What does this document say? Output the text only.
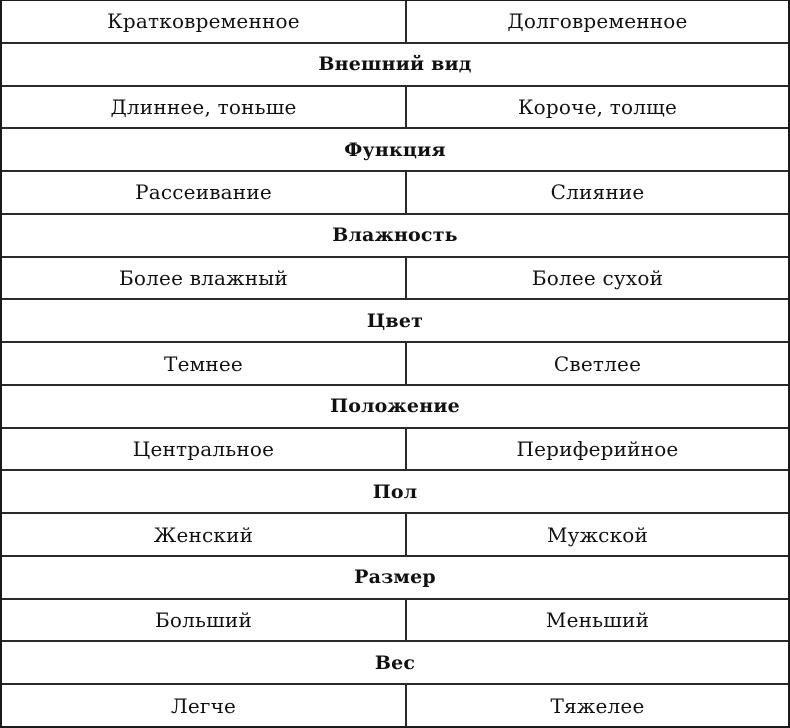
Кратковременное	Долговременное
Внешний вид
Длиннее, тоньше	Короче, толще
Функция
Рассеивание	Слияние
Влажность
Более влажный	Более сухой
Цвет
Темнее	Светлее
Положение
Центральное	Периферийное
Пол
Женский	Мужской
Размер
Больший	Меньший
Вес
Легче	Тяжелее
